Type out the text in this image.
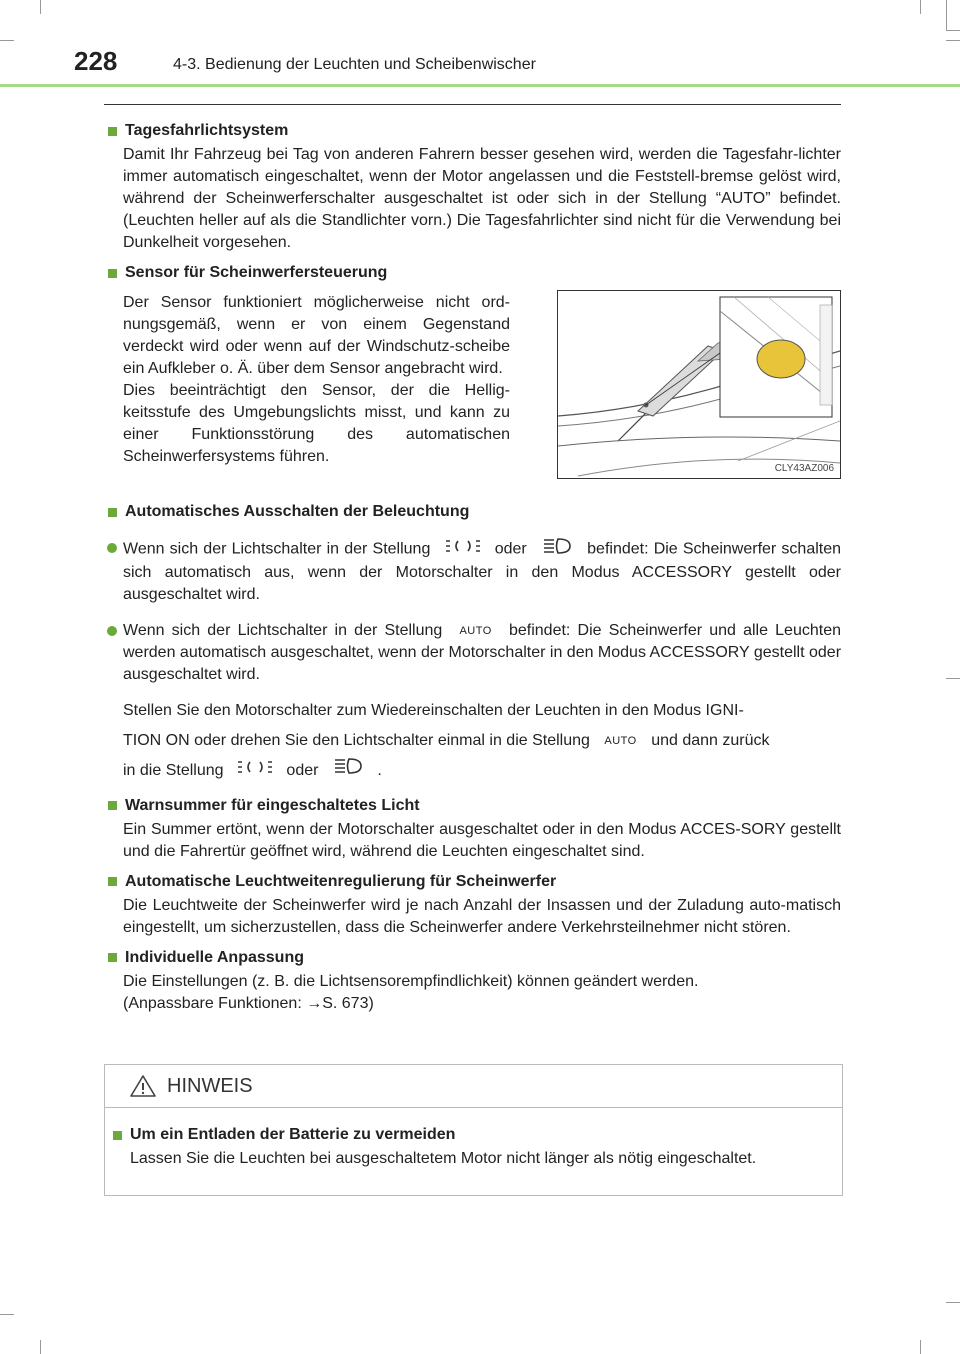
228	4-3. Bedienung der Leuchten und Scheibenwischer
Tagesfahrlichtsystem
Damit Ihr Fahrzeug bei Tag von anderen Fahrern besser gesehen wird, werden die Tagesfahr-lichter immer automatisch eingeschaltet, wenn der Motor angelassen und die Feststell-bremse gelöst wird, während der Scheinwerferschalter ausgeschaltet ist oder sich in der Stellung “AUTO” befindet. (Leuchten heller auf als die Standlichter vorn.) Die Tagesfahrlichter sind nicht für die Verwendung bei Dunkelheit vorgesehen.
Sensor für Scheinwerfersteuerung
Der Sensor funktioniert möglicherweise nicht ord-nungsgemäß, wenn er von einem Gegenstand verdeckt wird oder wenn auf der Windschutz-scheibe ein Aufkleber o. Ä. über dem Sensor angebracht wird.
Dies beeinträchtigt den Sensor, der die Hellig-keitsstufe des Umgebungslichts misst, und kann zu einer Funktionsstörung des automatischen Scheinwerfersystems führen.
CLY43AZ006
Automatisches Ausschalten der Beleuchtung
Wenn sich der Lichtschalter in der Stellung	oder	befindet: Die Scheinwerfer schalten sich automatisch aus, wenn der Motorschalter in den Modus ACCESSORY gestellt oder ausgeschaltet wird.
Wenn sich der Lichtschalter in der Stellung AUTO befindet: Die Scheinwerfer und alle Leuchten werden automatisch ausgeschaltet, wenn der Motorschalter in den Modus ACCESSORY gestellt oder ausgeschaltet wird.
Stellen Sie den Motorschalter zum Wiedereinschalten der Leuchten in den Modus IGNI-
TION ON oder drehen Sie den Lichtschalter einmal in die Stellung AUTO und dann zurück
in die Stellung	oder	.
Warnsummer für eingeschaltetes Licht
Ein Summer ertönt, wenn der Motorschalter ausgeschaltet oder in den Modus ACCES-SORY gestellt und die Fahrertür geöffnet wird, während die Leuchten eingeschaltet sind.
Automatische Leuchtweitenregulierung für Scheinwerfer
Die Leuchtweite der Scheinwerfer wird je nach Anzahl der Insassen und der Zuladung auto-matisch eingestellt, um sicherzustellen, dass die Scheinwerfer andere Verkehrsteilnehmer nicht stören.
Individuelle Anpassung
Die Einstellungen (z. B. die Lichtsensorempfindlichkeit) können geändert werden.
(Anpassbare Funktionen: →S. 673)
HINWEIS
Um ein Entladen der Batterie zu vermeiden
Lassen Sie die Leuchten bei ausgeschaltetem Motor nicht länger als nötig eingeschaltet.
